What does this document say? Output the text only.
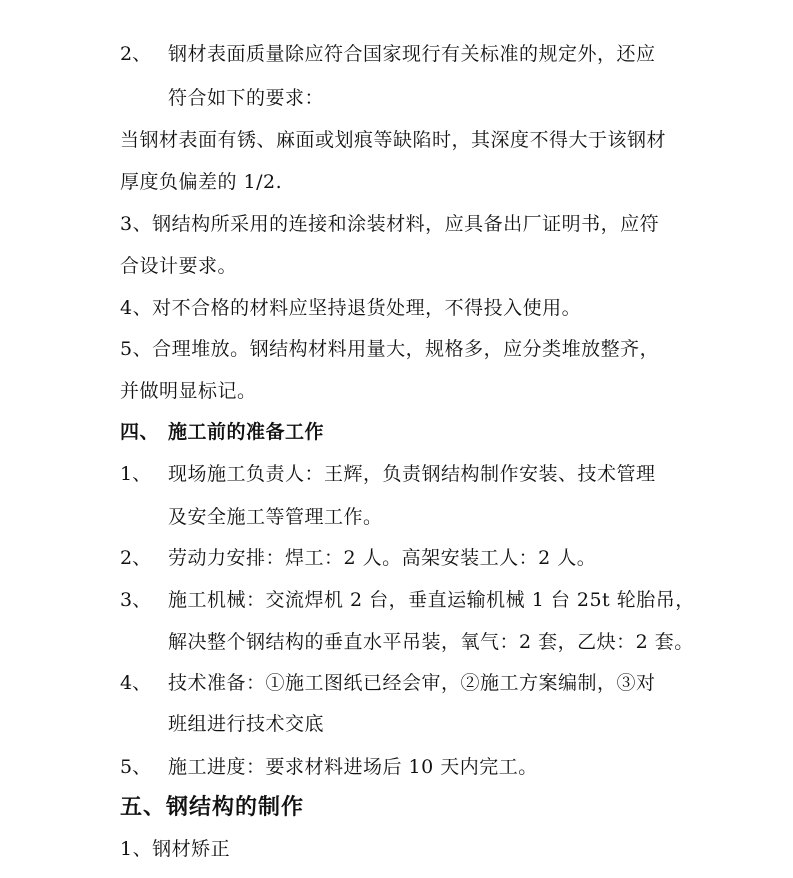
2、 钢材表面质量除应符合国家现行有关标准的规定外，还应
符合如下的要求：
当钢材表面有锈、麻面或划痕等缺陷时，其深度不得大于该钢材
厚度负偏差的 1/2.
3、钢结构所采用的连接和涂装材料，应具备出厂证明书，应符
合设计要求。
4、对不合格的材料应坚持退货处理，不得投入使用。
5、合理堆放。钢结构材料用量大，规格多，应分类堆放整齐，
并做明显标记。
四、 施工前的准备工作
1、 现场施工负责人：王辉，负责钢结构制作安装、技术管理
及安全施工等管理工作。
2、 劳动力安排：焊工：2 人。高架安装工人：2 人。
3、 施工机械：交流焊机 2 台，垂直运输机械 1 台 25t 轮胎吊，
解决整个钢结构的垂直水平吊装，氧气：2 套，乙炔：2 套。
4、 技术准备：①施工图纸已经会审，②施工方案编制，③对
班组进行技术交底
5、 施工进度：要求材料进场后 10 天内完工。
五、钢结构的制作
1、钢材矫正
